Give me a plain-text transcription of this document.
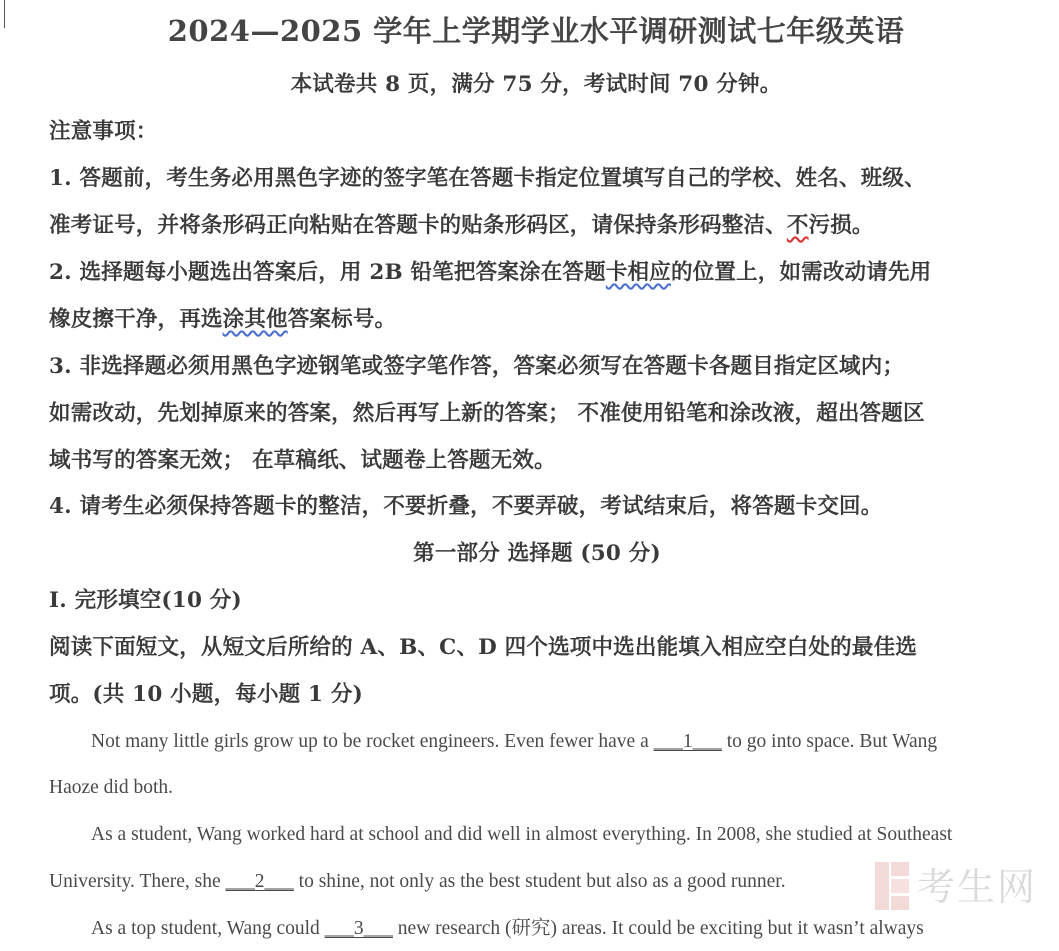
2024—2025 学年上学期学业水平调研测试七年级英语
本试卷共 8 页，满分 75 分，考试时间 70 分钟。
注意事项：
1. 答题前，考生务必用黑色字迹的签字笔在答题卡指定位置填写自己的学校、姓名、班级、
准考证号，并将条形码正向粘贴在答题卡的贴条形码区，请保持条形码整洁、不污损。
2. 选择题每小题选出答案后，用 2B 铅笔把答案涂在答题卡相应的位置上，如需改动请先用
橡皮擦干净，再选涂其他答案标号。
3. 非选择题必须用黑色字迹钢笔或签字笔作答，答案必须写在答题卡各题目指定区域内；
如需改动，先划掉原来的答案，然后再写上新的答案； 不准使用铅笔和涂改液，超出答题区
域书写的答案无效； 在草稿纸、试题卷上答题无效。
4. 请考生必须保持答题卡的整洁，不要折叠，不要弄破，考试结束后，将答题卡交回。
第一部分 选择题 (50 分)
I. 完形填空(10 分)
阅读下面短文，从短文后所给的 A、B、C、D 四个选项中选出能填入相应空白处的最佳选
项。(共 10 小题，每小题 1 分)
Not many little girls grow up to be rocket engineers. Even fewer have a ___1___ to go into space. But Wang
Haoze did both.
As a student, Wang worked hard at school and did well in almost everything. In 2008, she studied at Southeast
University. There, she ___2___ to shine, not only as the best student but also as a good runner.
As a top student, Wang could ___3___ new research (研究) areas. It could be exciting but it wasn’t always
考生网
